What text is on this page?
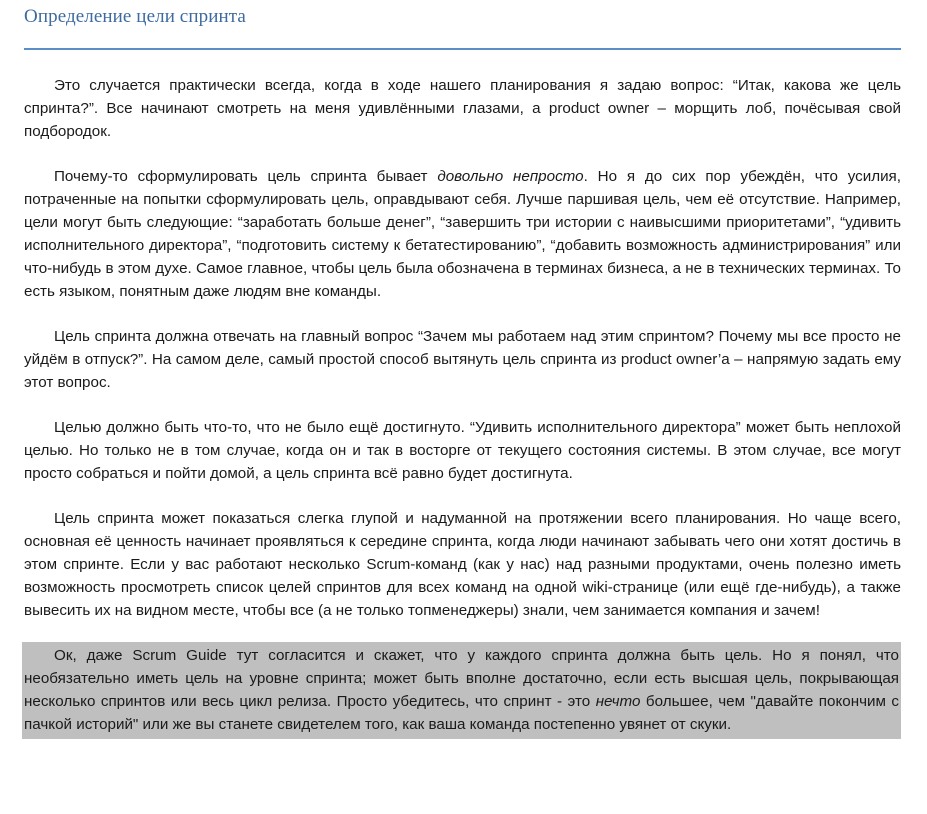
Определение цели спринта

Это случается практически всегда, когда в ходе нашего планирования я задаю вопрос: “Итак, какова же цель спринта?”. Все начинают смотреть на меня удивлёнными глазами, а product owner – морщить лоб, почёсывая свой подбородок.

Почему-то сформулировать цель спринта бывает довольно непросто. Но я до сих пор убеждён, что усилия, потраченные на попытки сформулировать цель, оправдывают себя. Лучше паршивая цель, чем её отсутствие. Например, цели могут быть следующие: “заработать больше денег”, “завершить три истории с наивысшими приоритетами”, “удивить исполнительного директора”, “подготовить систему к бетатестированию”, “добавить возможность администрирования” или что-нибудь в этом духе. Самое главное, чтобы цель была обозначена в терминах бизнеса, а не в технических терминах. То есть языком, понятным даже людям вне команды.

Цель спринта должна отвечать на главный вопрос “Зачем мы работаем над этим спринтом? Почему мы все просто не уйдём в отпуск?”. На самом деле, самый простой способ вытянуть цель спринта из product owner’а – напрямую задать ему этот вопрос.

Целью должно быть что-то, что не было ещё достигнуто. “Удивить исполнительного директора” может быть неплохой целью. Но только не в том случае, когда он и так в восторге от текущего состояния системы. В этом случае, все могут просто собраться и пойти домой, а цель спринта всё равно будет достигнута.

Цель спринта может показаться слегка глупой и надуманной на протяжении всего планирования. Но чаще всего, основная её ценность начинает проявляться к середине спринта, когда люди начинают забывать чего они хотят достичь в этом спринте. Если у вас работают несколько Scrum-команд (как у нас) над разными продуктами, очень полезно иметь возможность просмотреть список целей спринтов для всех команд на одной wiki-странице (или ещё где-нибудь), а также вывесить их на видном месте, чтобы все (а не только топменеджеры) знали, чем занимается компания и зачем!

Ок, даже Scrum Guide тут согласится и скажет, что у каждого спринта должна быть цель. Но я понял, что необязательно иметь цель на уровне спринта; может быть вполне достаточно, если есть высшая цель, покрывающая несколько спринтов или весь цикл релиза. Просто убедитесь, что спринт - это нечто большее, чем "давайте покончим с пачкой историй" или же вы станете свидетелем того, как ваша команда постепенно увянет от скуки.
